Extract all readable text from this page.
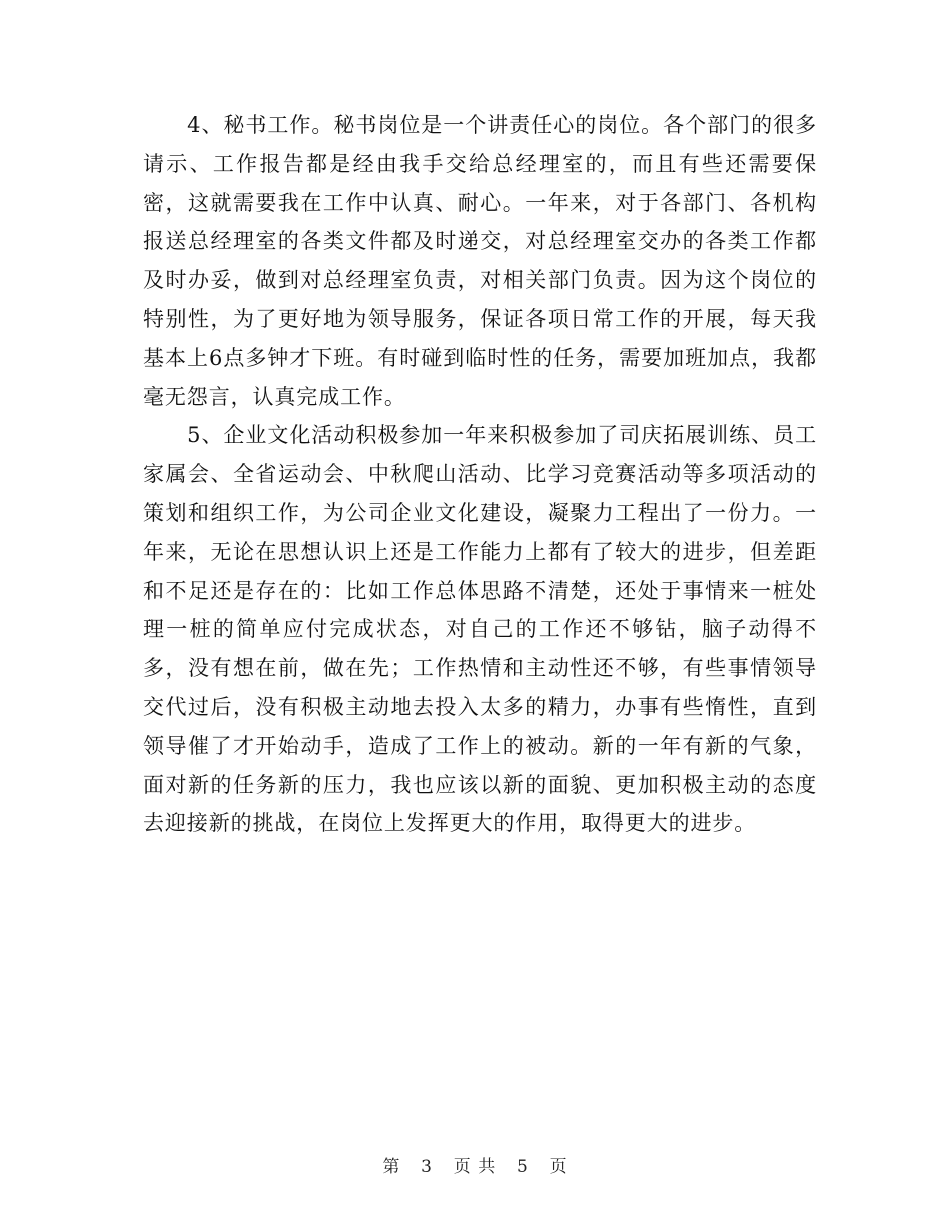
4、秘书工作。秘书岗位是一个讲责任心的岗位。各个部门的很多请示、工作报告都是经由我手交给总经理室的，而且有些还需要保密，这就需要我在工作中认真、耐心。一年来，对于各部门、各机构报送总经理室的各类文件都及时递交，对总经理室交办的各类工作都及时办妥，做到对总经理室负责，对相关部门负责。因为这个岗位的特别性，为了更好地为领导服务，保证各项日常工作的开展，每天我基本上6点多钟才下班。有时碰到临时性的任务，需要加班加点，我都毫无怨言，认真完成工作。

5、企业文化活动积极参加一年来积极参加了司庆拓展训练、员工家属会、全省运动会、中秋爬山活动、比学习竞赛活动等多项活动的策划和组织工作，为公司企业文化建设，凝聚力工程出了一份力。一年来，无论在思想认识上还是工作能力上都有了较大的进步，但差距和不足还是存在的：比如工作总体思路不清楚，还处于事情来一桩处理一桩的简单应付完成状态，对自己的工作还不够钻，脑子动得不多，没有想在前，做在先；工作热情和主动性还不够，有些事情领导交代过后，没有积极主动地去投入太多的精力，办事有些惰性，直到领导催了才开始动手，造成了工作上的被动。新的一年有新的气象，面对新的任务新的压力，我也应该以新的面貌、更加积极主动的态度去迎接新的挑战，在岗位上发挥更大的作用，取得更大的进步。

第 3 页 共 5 页
